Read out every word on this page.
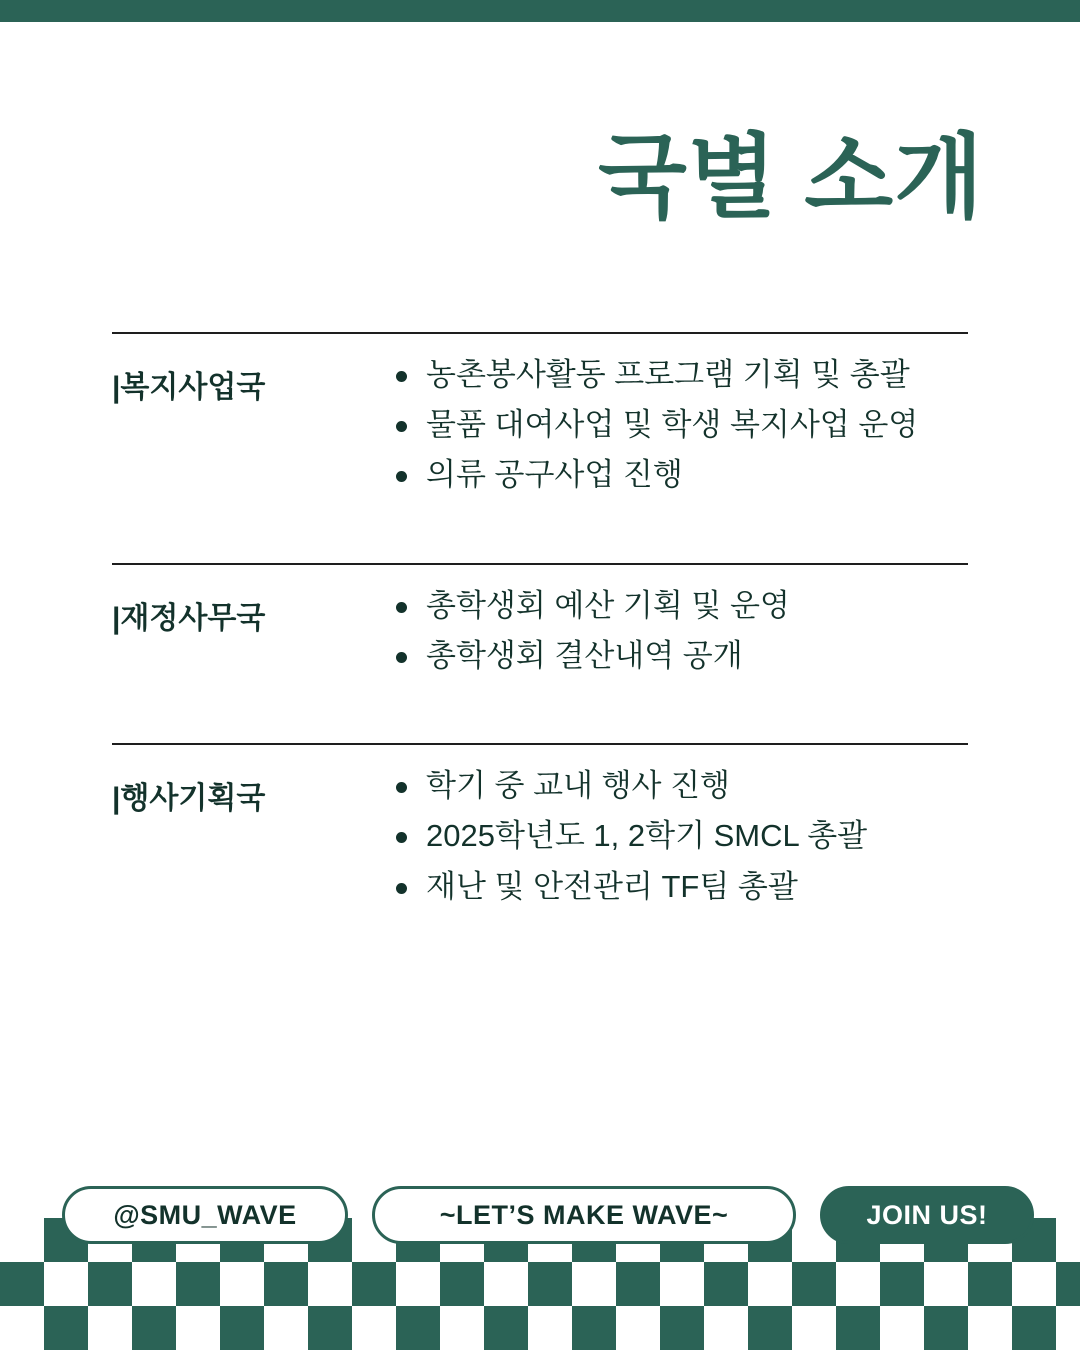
국별 소개
|복지사업국	농촌봉사활동 프로그램 기획 및 총괄
물품 대여사업 및 학생 복지사업 운영
의류 공구사업 진행
|재정사무국	총학생회 예산 기획 및 운영
총학생회 결산내역 공개
|행사기획국	학기 중 교내 행사 진행
2025학년도 1, 2학기 SMCL 총괄
재난 및 안전관리 TF팀 총괄
@SMU_WAVE	~LET’S MAKE WAVE~	JOIN US!
